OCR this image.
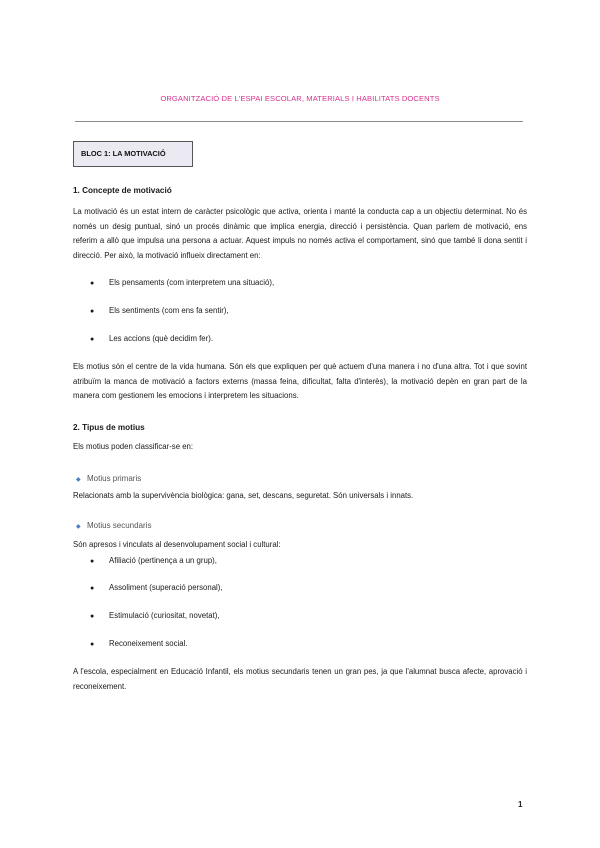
ORGANITZACIÓ DE L'ESPAI ESCOLAR, MATERIALS I HABILITATS DOCENTS
BLOC 1: LA MOTIVACIÓ
1. Concepte de motivació
La motivació és un estat intern de caràcter psicològic que activa, orienta i manté la conducta cap a un objectiu determinat. No és només un desig puntual, sinó un procés dinàmic que implica energia, direcció i persistència. Quan parlem de motivació, ens referim a allò que impulsa una persona a actuar. Aquest impuls no només activa el comportament, sinó que també li dona sentit i direcció. Per això, la motivació influeix directament en:
● Els pensaments (com interpretem una situació),
● Els sentiments (com ens fa sentir),
● Les accions (què decidim fer).
Els motius són el centre de la vida humana. Són els que expliquen per què actuem d'una manera i no d'una altra. Tot i que sovint atribuïm la manca de motivació a factors externs (massa feina, dificultat, falta d'interès), la motivació depèn en gran part de la manera com gestionem les emocions i interpretem les situacions.
2. Tipus de motius
Els motius poden classificar-se en:
◆ Motius primaris
Relacionats amb la supervivència biològica: gana, set, descans, seguretat. Són universals i innats.
◆ Motius secundaris
Són apresos i vinculats al desenvolupament social i cultural:
● Afiliació (pertinença a un grup),
● Assoliment (superació personal),
● Estimulació (curiositat, novetat),
● Reconeixement social.
A l'escola, especialment en Educació Infantil, els motius secundaris tenen un gran pes, ja que l'alumnat busca afecte, aprovació i reconeixement.
1
